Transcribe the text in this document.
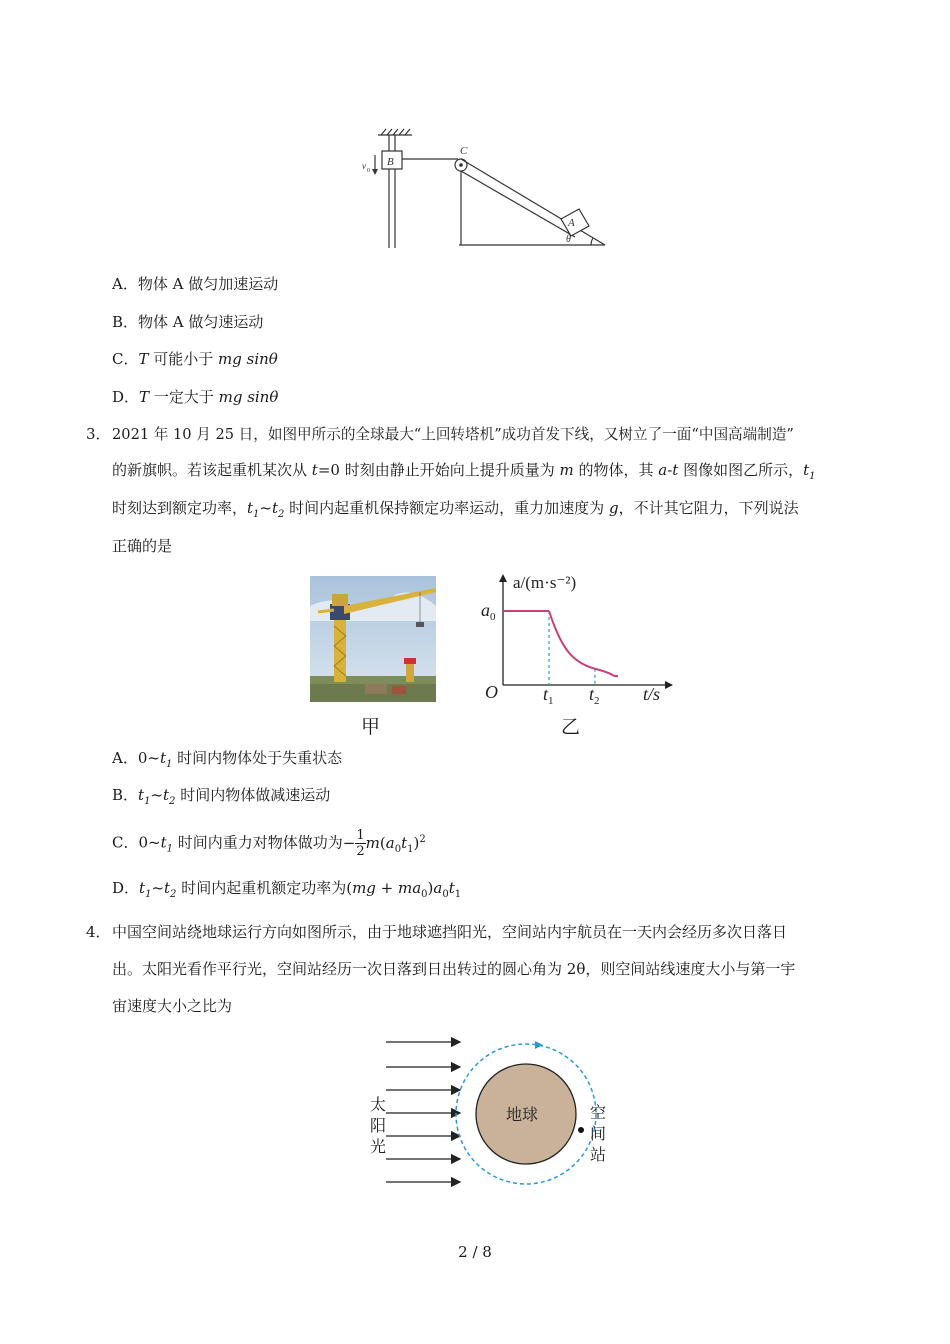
B
C
A
θ
v 0
A．物体 A 做匀加速运动
B．物体 A 做匀速运动
C．T 可能小于 mg sinθ
D．T 一定大于 mg sinθ
3． 2021 年 10 月 25 日，如图甲所示的全球最大“上回转塔机”成功首发下线，又树立了一面“中国高端制造”
的新旗帜。若该起重机某次从 t=0 时刻由静止开始向上提升质量为 m 的物体，其 a-t 图像如图乙所示，$t_1$
时刻达到额定功率，$t_1\sim t_2$ 时间内起重机保持额定功率运动，重力加速度为 g，不计其它阻力，下列说法
正确的是
甲
a/(m·s⁻²)
O
$a_0$
$t_1$ $t_2$ t/s
乙
A．$0\sim t_1$ 时间内物体处于失重状态
B．$t_1\sim t_2$ 时间内物体做减速运动
C．$0\sim t_1$ 时间内重力对物体做功为− $\frac{1}{2} m(a_0t_1)^2$
D．$t_1\sim t_2$ 时间内起重机额定功率为$(mg + ma_0)a_0t_1$
4． 中国空间站绕地球运行方向如图所示，由于地球遮挡阳光，空间站内宇航员在一天内会经历多次日落日
出。太阳光看作平行光，空间站经历一次日落到日出转过的圆心角为 2θ，则空间站线速度大小与第一宇
宙速度大小之比为
地球
太
阳
光
空
间
站
2 / 8
